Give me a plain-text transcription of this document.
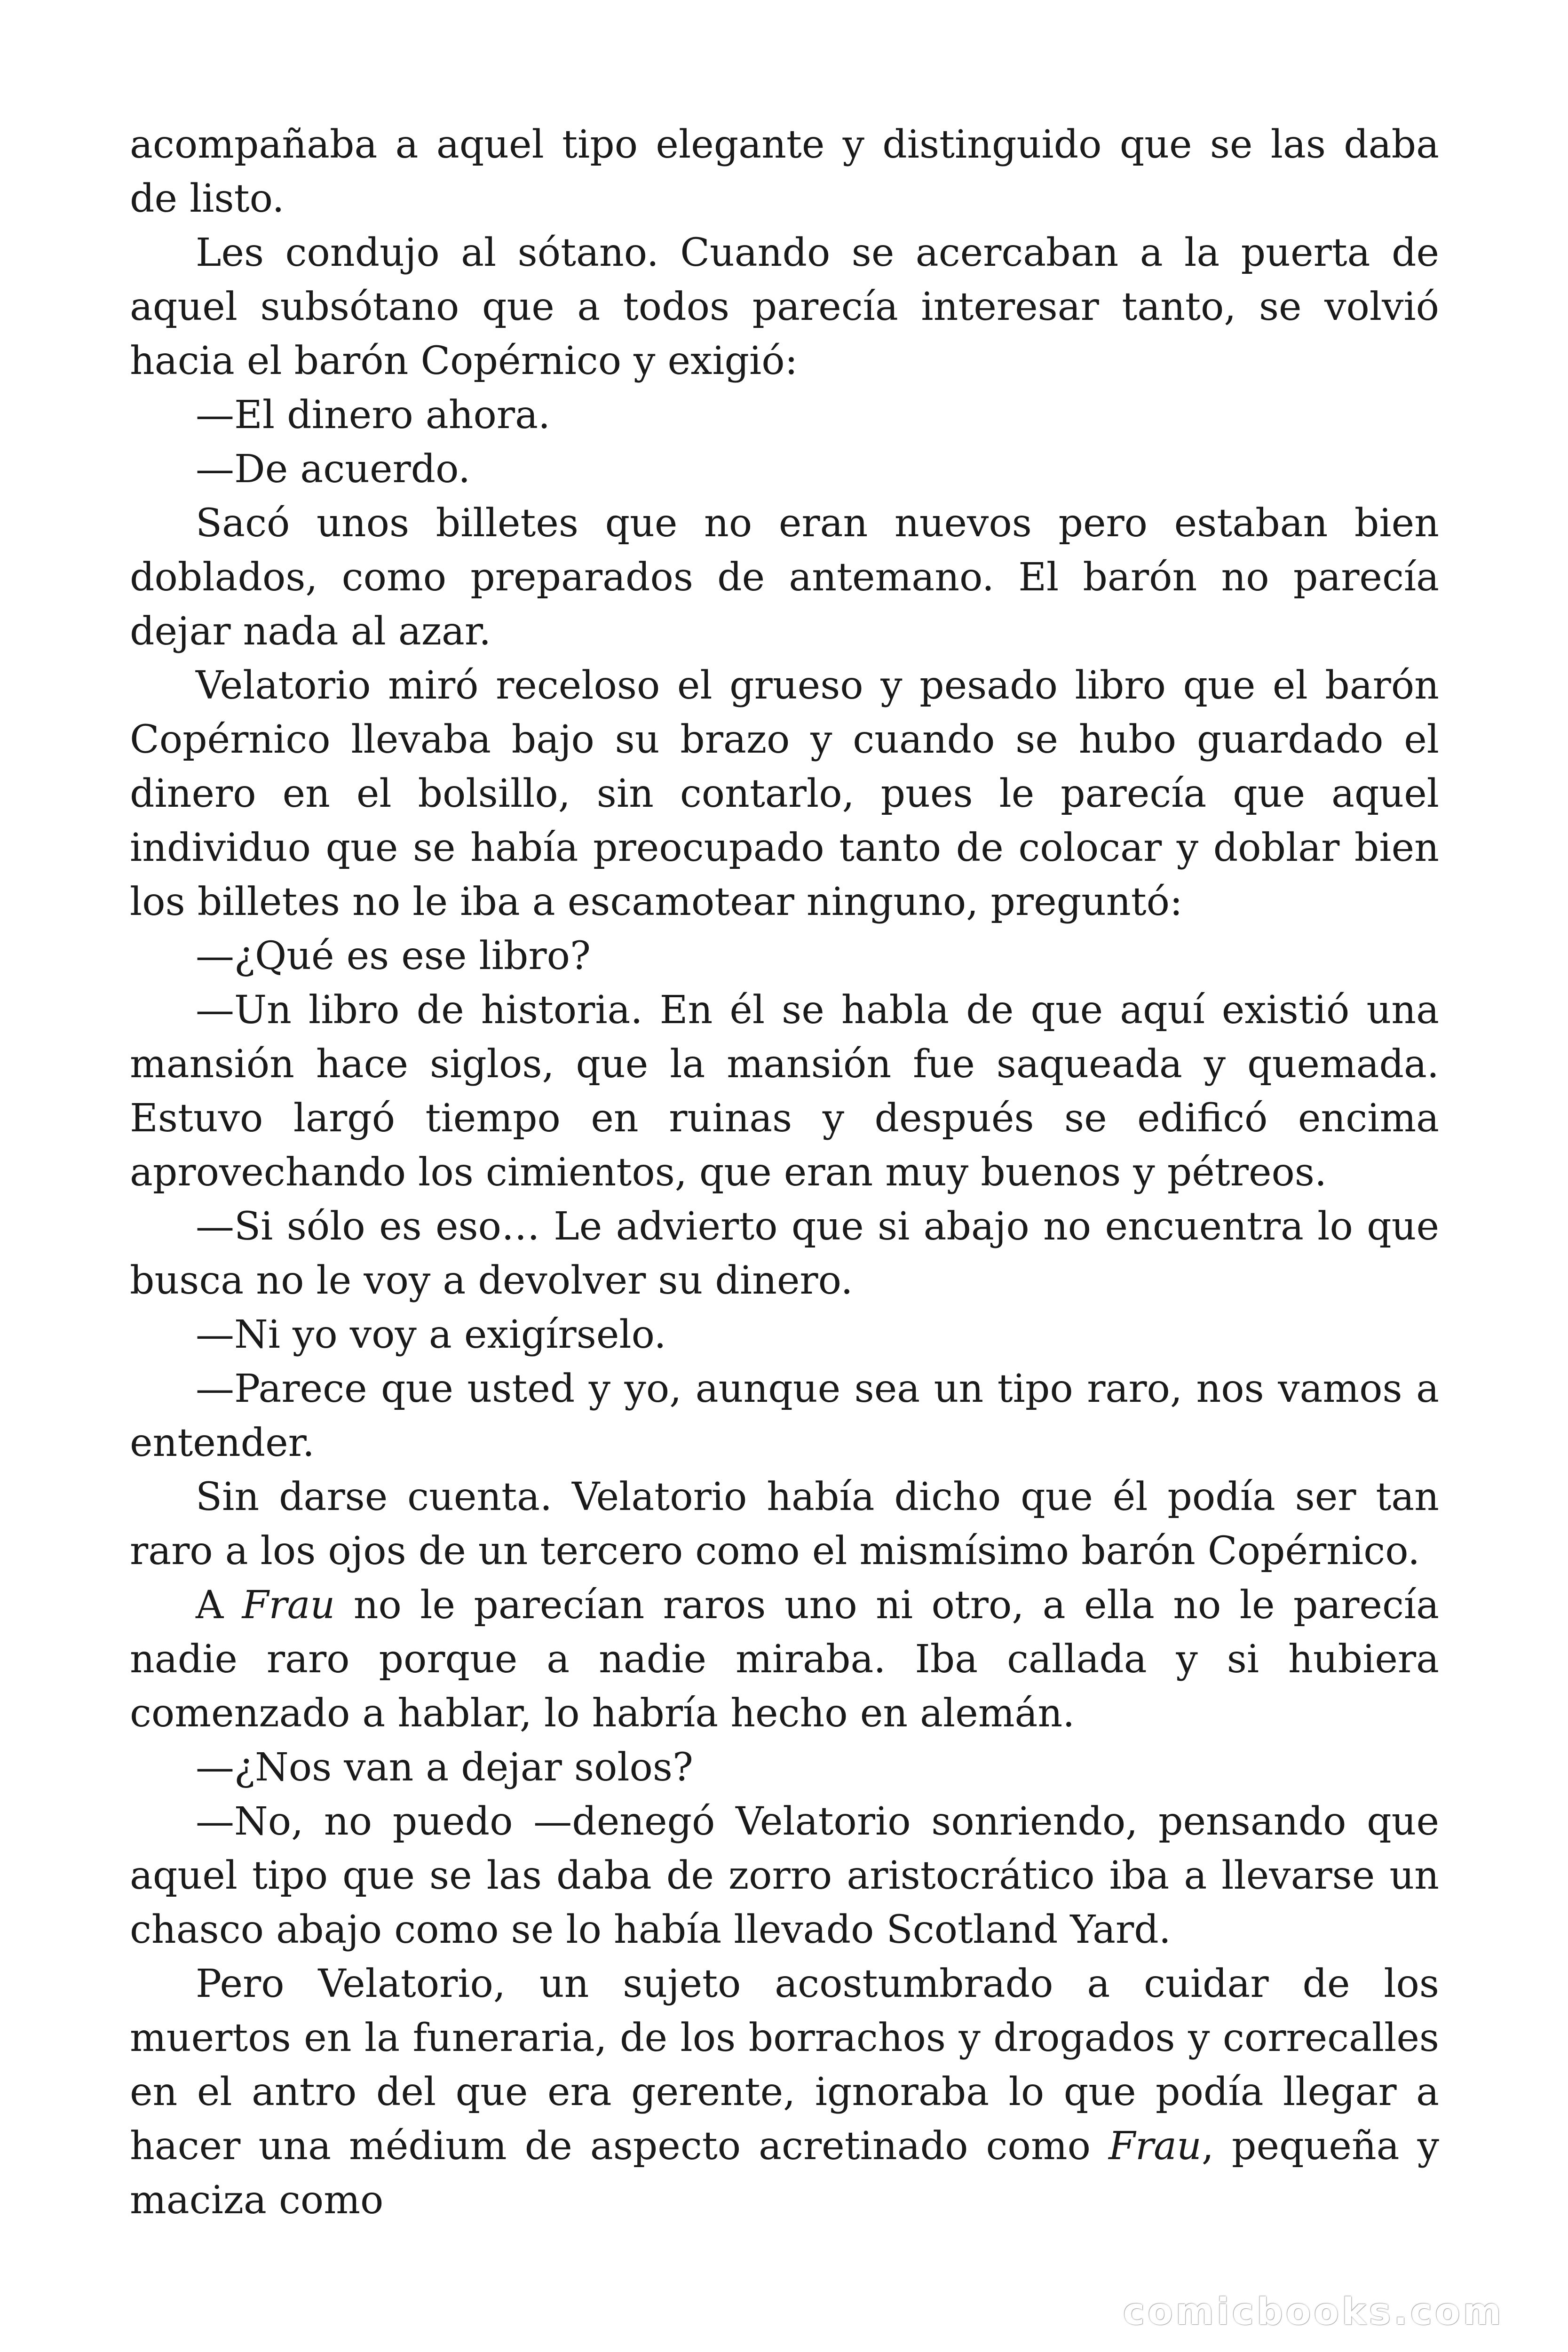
acompañaba a aquel tipo elegante y distinguido que se las daba de listo.

Les condujo al sótano. Cuando se acercaban a la puerta de aquel subsótano que a todos parecía interesar tanto, se volvió hacia el barón Copérnico y exigió:

—El dinero ahora.

—De acuerdo.

Sacó unos billetes que no eran nuevos pero estaban bien doblados, como preparados de antemano. El barón no parecía dejar nada al azar.

Velatorio miró receloso el grueso y pesado libro que el barón Copérnico llevaba bajo su brazo y cuando se hubo guardado el dinero en el bolsillo, sin contarlo, pues le parecía que aquel individuo que se había preocupado tanto de colocar y doblar bien los billetes no le iba a escamotear ninguno, preguntó:

—¿Qué es ese libro?

—Un libro de historia. En él se habla de que aquí existió una mansión hace siglos, que la mansión fue saqueada y quemada. Estuvo largó tiempo en ruinas y después se edificó encima aprovechando los cimientos, que eran muy buenos y pétreos.

—Si sólo es eso… Le advierto que si abajo no encuentra lo que busca no le voy a devolver su dinero.

—Ni yo voy a exigírselo.

—Parece que usted y yo, aunque sea un tipo raro, nos vamos a entender.

Sin darse cuenta. Velatorio había dicho que él podía ser tan raro a los ojos de un tercero como el mismísimo barón Copérnico.

A Frau no le parecían raros uno ni otro, a ella no le parecía nadie raro porque a nadie miraba. Iba callada y si hubiera comenzado a hablar, lo habría hecho en alemán.

—¿Nos van a dejar solos?

—No, no puedo —denegó Velatorio sonriendo, pensando que aquel tipo que se las daba de zorro aristocrático iba a llevarse un chasco abajo como se lo había llevado Scotland Yard.

Pero Velatorio, un sujeto acostumbrado a cuidar de los muertos en la funeraria, de los borrachos y drogados y correcalles en el antro del que era gerente, ignoraba lo que podía llegar a hacer una médium de aspecto acretinado como Frau, pequeña y maciza como

comicbooks.com
